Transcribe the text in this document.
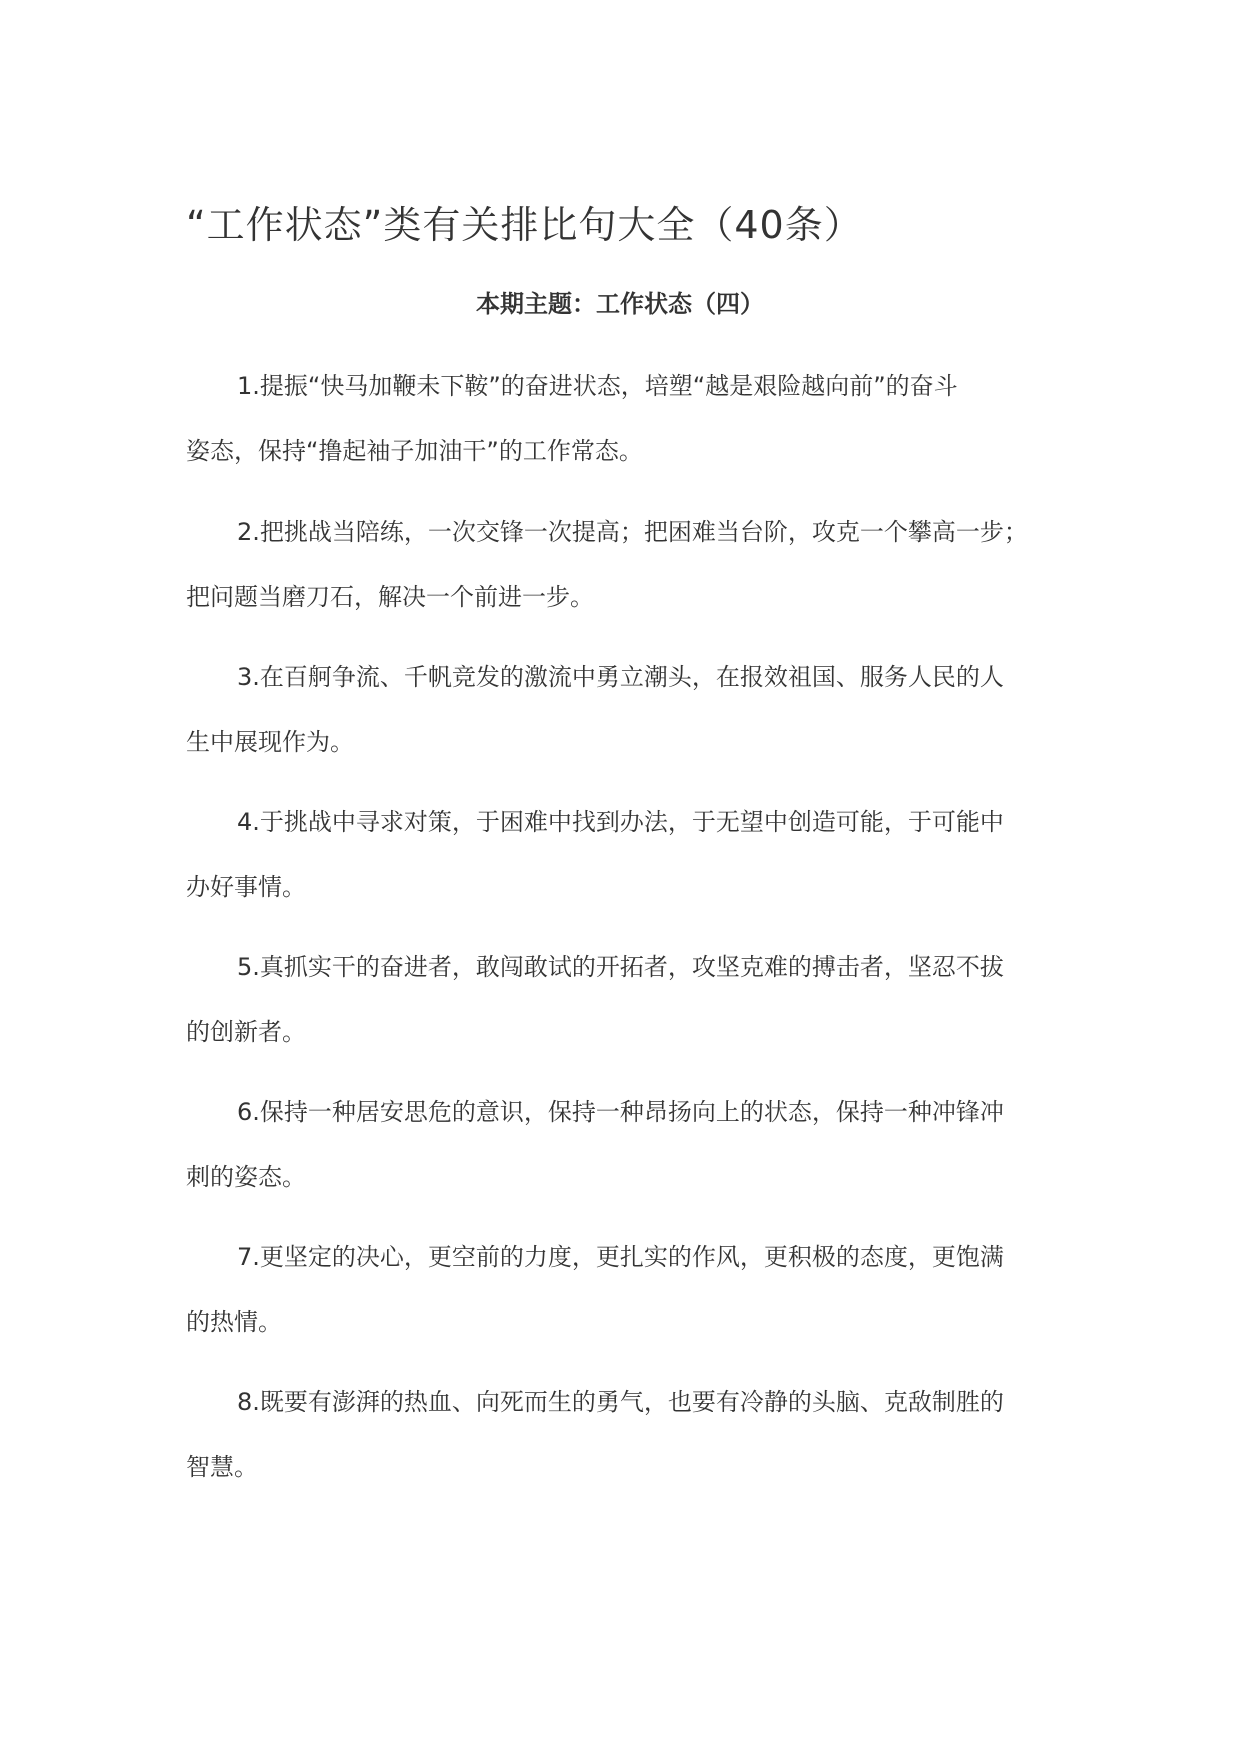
“工作状态”类有关排比句大全（40条）
本期主题：工作状态（四）
1.提振“快马加鞭未下鞍”的奋进状态，培塑“越是艰险越向前”的奋斗
姿态，保持“撸起袖子加油干”的工作常态。
2.把挑战当陪练，一次交锋一次提高；把困难当台阶，攻克一个攀高一步；
把问题当磨刀石，解决一个前进一步。
3.在百舸争流、千帆竞发的激流中勇立潮头，在报效祖国、服务人民的人
生中展现作为。
4.于挑战中寻求对策，于困难中找到办法，于无望中创造可能，于可能中
办好事情。
5.真抓实干的奋进者，敢闯敢试的开拓者，攻坚克难的搏击者，坚忍不拔
的创新者。
6.保持一种居安思危的意识，保持一种昂扬向上的状态，保持一种冲锋冲
刺的姿态。
7.更坚定的决心，更空前的力度，更扎实的作风，更积极的态度，更饱满
的热情。
8.既要有澎湃的热血、向死而生的勇气，也要有冷静的头脑、克敌制胜的
智慧。
